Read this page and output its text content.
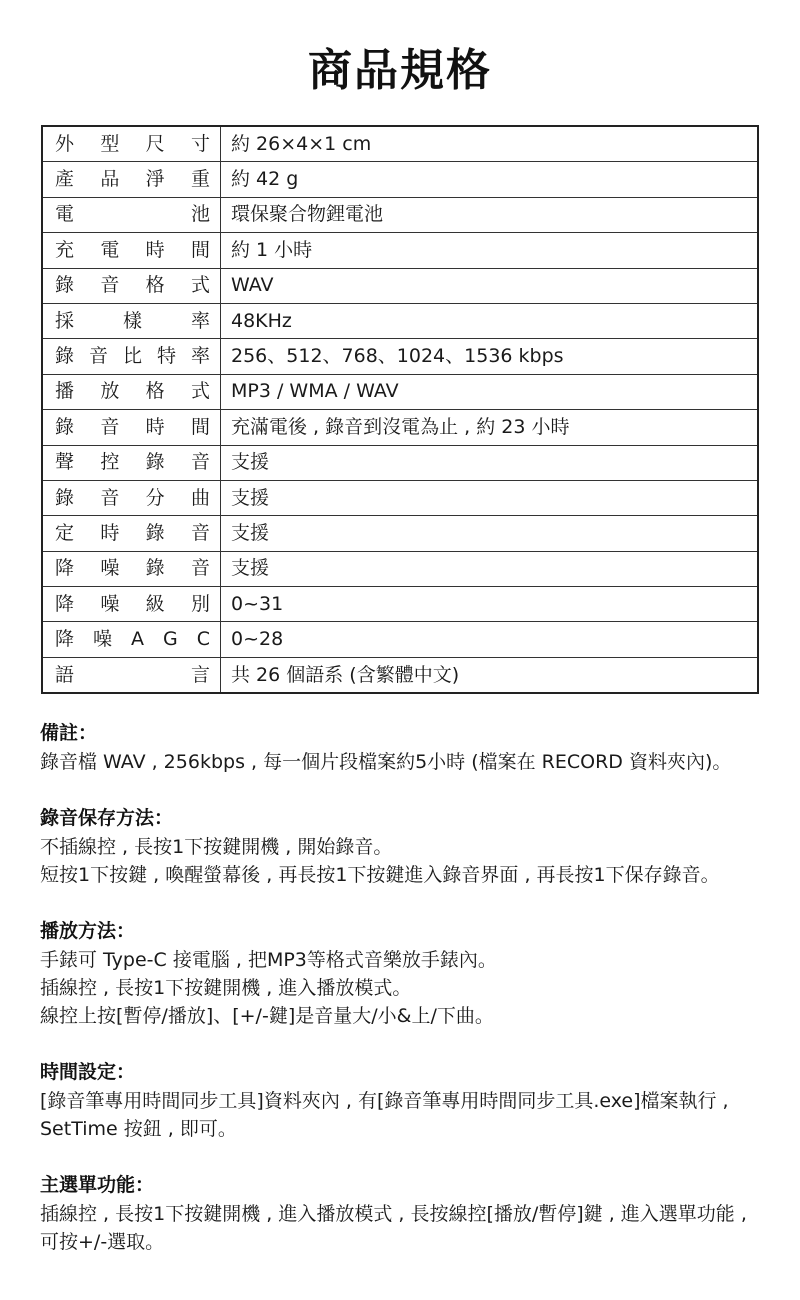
商品規格
外 型 尺 寸	約 26×4×1 cm

產 品 淨 重	約 42 g

電 池	環保聚合物鋰電池

充 電 時 間	約 1 小時

錄 音 格 式	WAV

採 樣 率	48KHz

錄 音 比 特 率	256、512、768、1024、1536 kbps

播 放 格 式	MP3 / WMA / WAV

錄 音 時 間	充滿電後 , 錄音到沒電為止 , 約 23 小時

聲 控 錄 音	支援

錄 音 分 曲	支援

定 時 錄 音	支援

降 噪 錄 音	支援

降 噪 級 別	0~31

降 噪 A G C	0~28

語 言	共 26 個語系 (含繁體中文)
備註：
錄音檔 WAV , 256kbps , 每一個片段檔案約5小時 (檔案在 RECORD 資料夾內)。
錄音保存方法：
不插線控 , 長按1下按鍵開機 , 開始錄音。
短按1下按鍵 , 喚醒螢幕後 , 再長按1下按鍵進入錄音界面 , 再長按1下保存錄音。
播放方法：
手錶可 Type-C 接電腦 , 把MP3等格式音樂放手錶內。
插線控 , 長按1下按鍵開機 , 進入播放模式。
線控上按[暫停/播放]、[+/-鍵]是音量大/小&上/下曲。
時間設定：
[錄音筆專用時間同步工具]資料夾內 , 有[錄音筆專用時間同步工具.exe]檔案執行 ,
SetTime 按鈕 , 即可。
主選單功能：
插線控 , 長按1下按鍵開機 , 進入播放模式 , 長按線控[播放/暫停]鍵 , 進入選單功能 ,
可按+/-選取。
